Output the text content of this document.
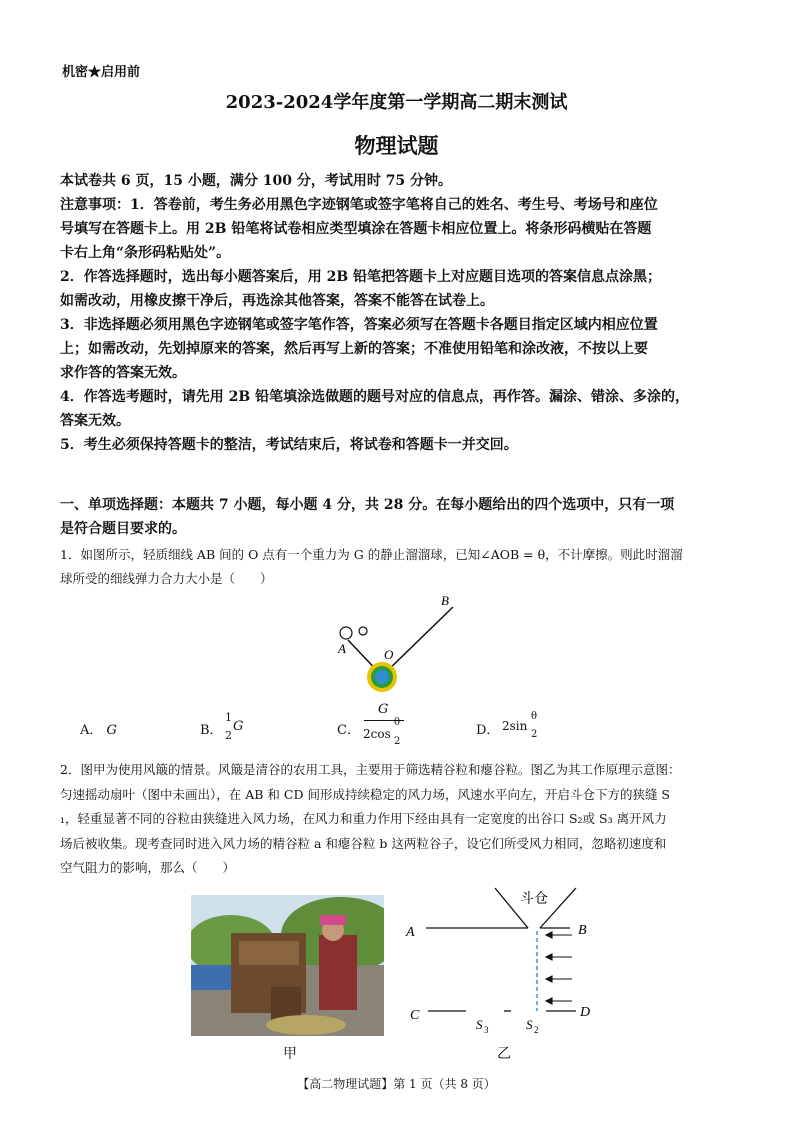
机密★启用前
2023-2024学年度第一学期高二期末测试
物理试题
本试卷共 6 页，15 小题，满分 100 分，考试用时 75 分钟。
注意事项：1．答卷前，考生务必用黑色字迹钢笔或签字笔将自己的姓名、考生号、考场号和座位
号填写在答题卡上。用 2B 铅笔将试卷相应类型填涂在答题卡相应位置上。将条形码横贴在答题
卡右上角“条形码粘贴处”。
2．作答选择题时，选出每小题答案后，用 2B 铅笔把答题卡上对应题目选项的答案信息点涂黑；
如需改动，用橡皮擦干净后，再选涂其他答案，答案不能答在试卷上。
3．非选择题必须用黑色字迹钢笔或签字笔作答，答案必须写在答题卡各题目指定区域内相应位置
上；如需改动，先划掉原来的答案，然后再写上新的答案；不准使用铅笔和涂改液，不按以上要
求作答的答案无效。
4．作答选考题时，请先用 2B 铅笔填涂选做题的题号对应的信息点，再作答。漏涂、错涂、多涂的，
答案无效。
5．考生必须保持答题卡的整洁，考试结束后，将试卷和答题卡一并交回。
一、单项选择题：本题共 7 小题，每小题 4 分，共 28 分。在每小题给出的四个选项中，只有一项
是符合题目要求的。
1．如图所示，轻质细线 AB 间的 O 点有一个重力为 G 的静止溜溜球，已知∠AOB = θ，不计摩擦。则此时溜溜
球所受的细线弹力合力大小是（　　）
A
B
O
A． G	B．
1
2
G	C．
G
2cos
θ
2
D． 2sin
θ
2
2．图甲为使用风簸的情景。风簸是清谷的农用工具，主要用于筛选精谷粒和瘪谷粒。图乙为其工作原理示意图：
匀速摇动扇叶（图中未画出），在 AB 和 CD 间形成持续稳定的风力场，风速水平向左，开启斗仓下方的狭缝 S
₁，轻重显著不同的谷粒由狭缝进入风力场，在风力和重力作用下经由具有一定宽度的出谷口 S₂或 S₃ 离开风力
场后被收集。现考查同时进入风力场的精谷粒 a 和瘪谷粒 b 这两粒谷子，设它们所受风力相同，忽略初速度和
空气阻力的影响，那么（　　）
斗仓
A	B
C	D
S 3	S 2
甲	乙
【高二物理试题】第 1 页（共 8 页）
